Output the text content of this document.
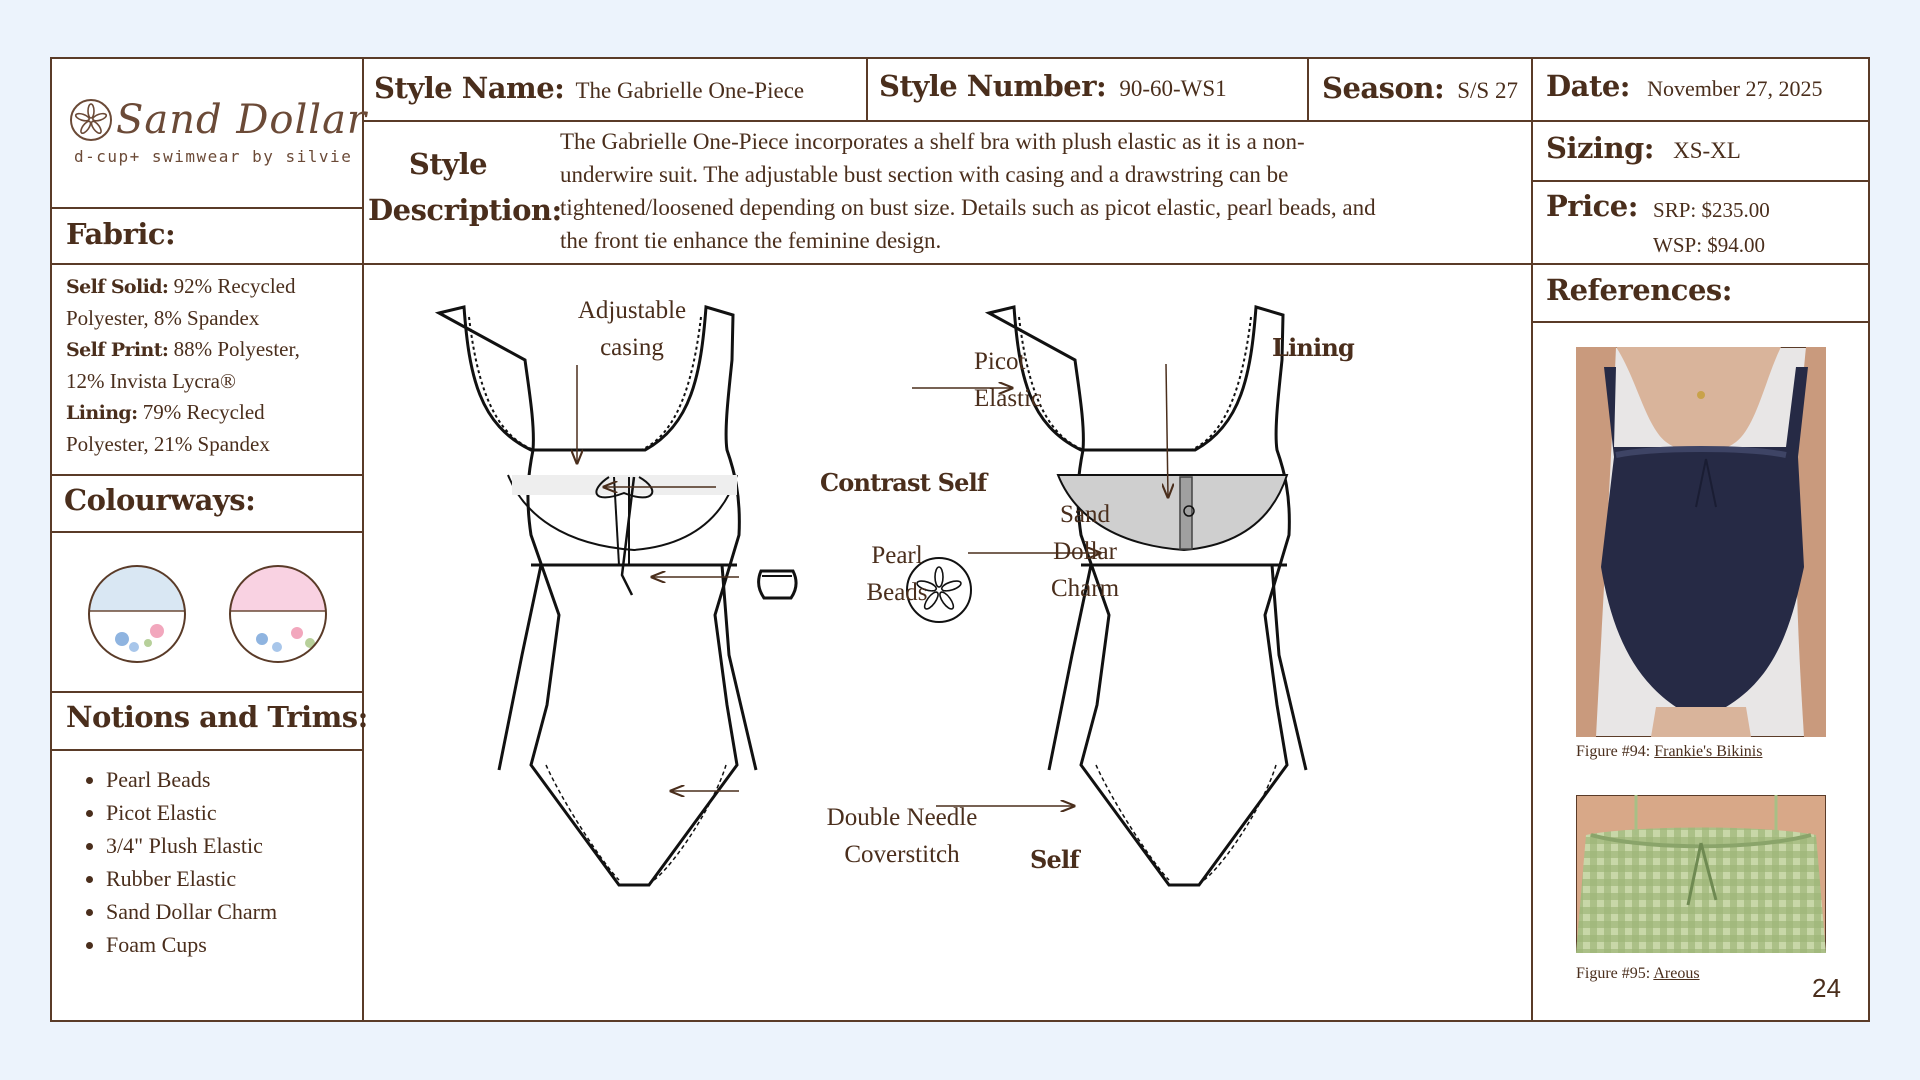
Sand Dollar
d-cup+ swimwear by silvie
Style Name: The Gabrielle One-Piece	Style Number: 90-60-WS1	Season: S/S 27 Date: November 27, 2025
Style
Description:
The Gabrielle One-Piece incorporates a shelf bra with plush elastic as it is a non-
underwire suit. The adjustable bust section with casing and a drawstring can be
tightened/loosened depending on bust size. Details such as picot elastic, pearl beads, and
the front tie enhance the feminine design.
Sizing: XS-XL
Price: SRP: $235.00
WSP: $94.00
Fabric:

Self Solid: 92% Recycled

Polyester, 8% Spandex

Self Print: 88% Polyester,

12% Invista Lycra®

Lining: 79% Recycled

Polyester, 21% Spandex

Colourways:
Notions and Trims:
• Pearl Beads
• Picot Elastic
• 3/4" Plush Elastic
• Rubber Elastic
• Sand Dollar Charm
• Foam Cups
Adjustable
casing
Contrast Self
Pearl
Beads
Double Needle
Coverstitch
Picot
Elastic
Lining
Sand
Dollar
Charm
Self
References:
Figure #94: Frankie's Bikinis
Figure #95: Areous	24
